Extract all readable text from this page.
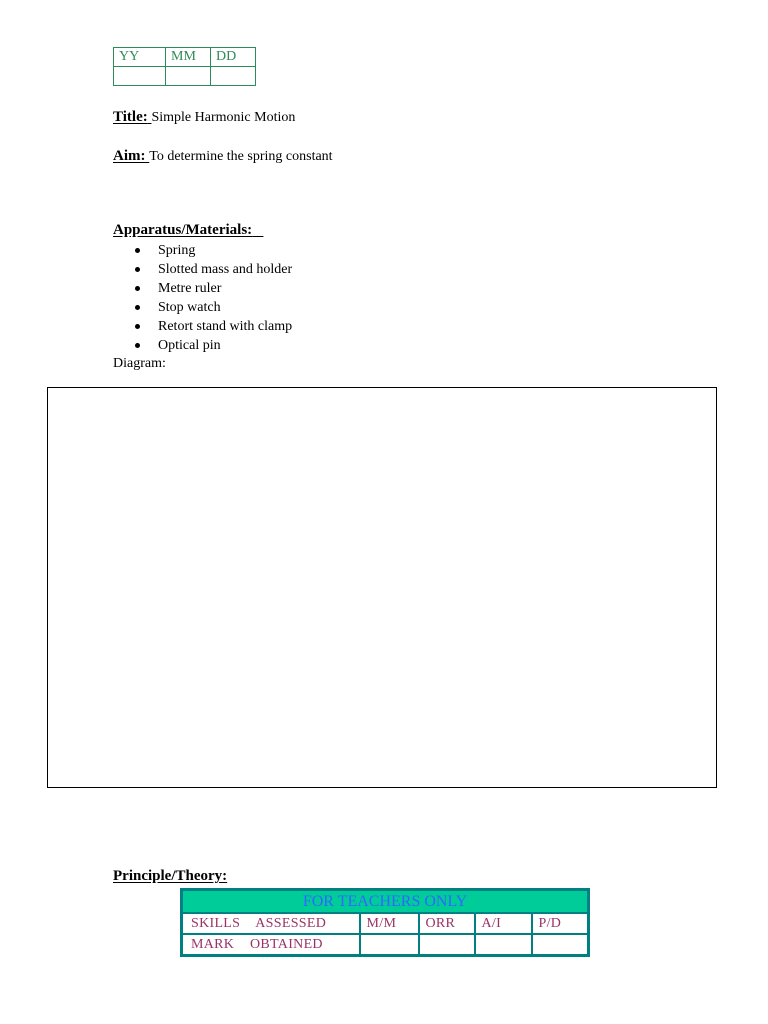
YY	MM	DD

Title: Simple Harmonic Motion
Aim: To determine the spring constant
Apparatus/Materials:
Spring
Slotted mass and holder
Metre ruler
Stop watch
Retort stand with clamp
Optical pin
Diagram:
Principle/Theory:
FOR TEACHERS ONLY				
SKILLS ASSESSED	M/M	ORR	A/I	P/D
MARK OBTAINED				
